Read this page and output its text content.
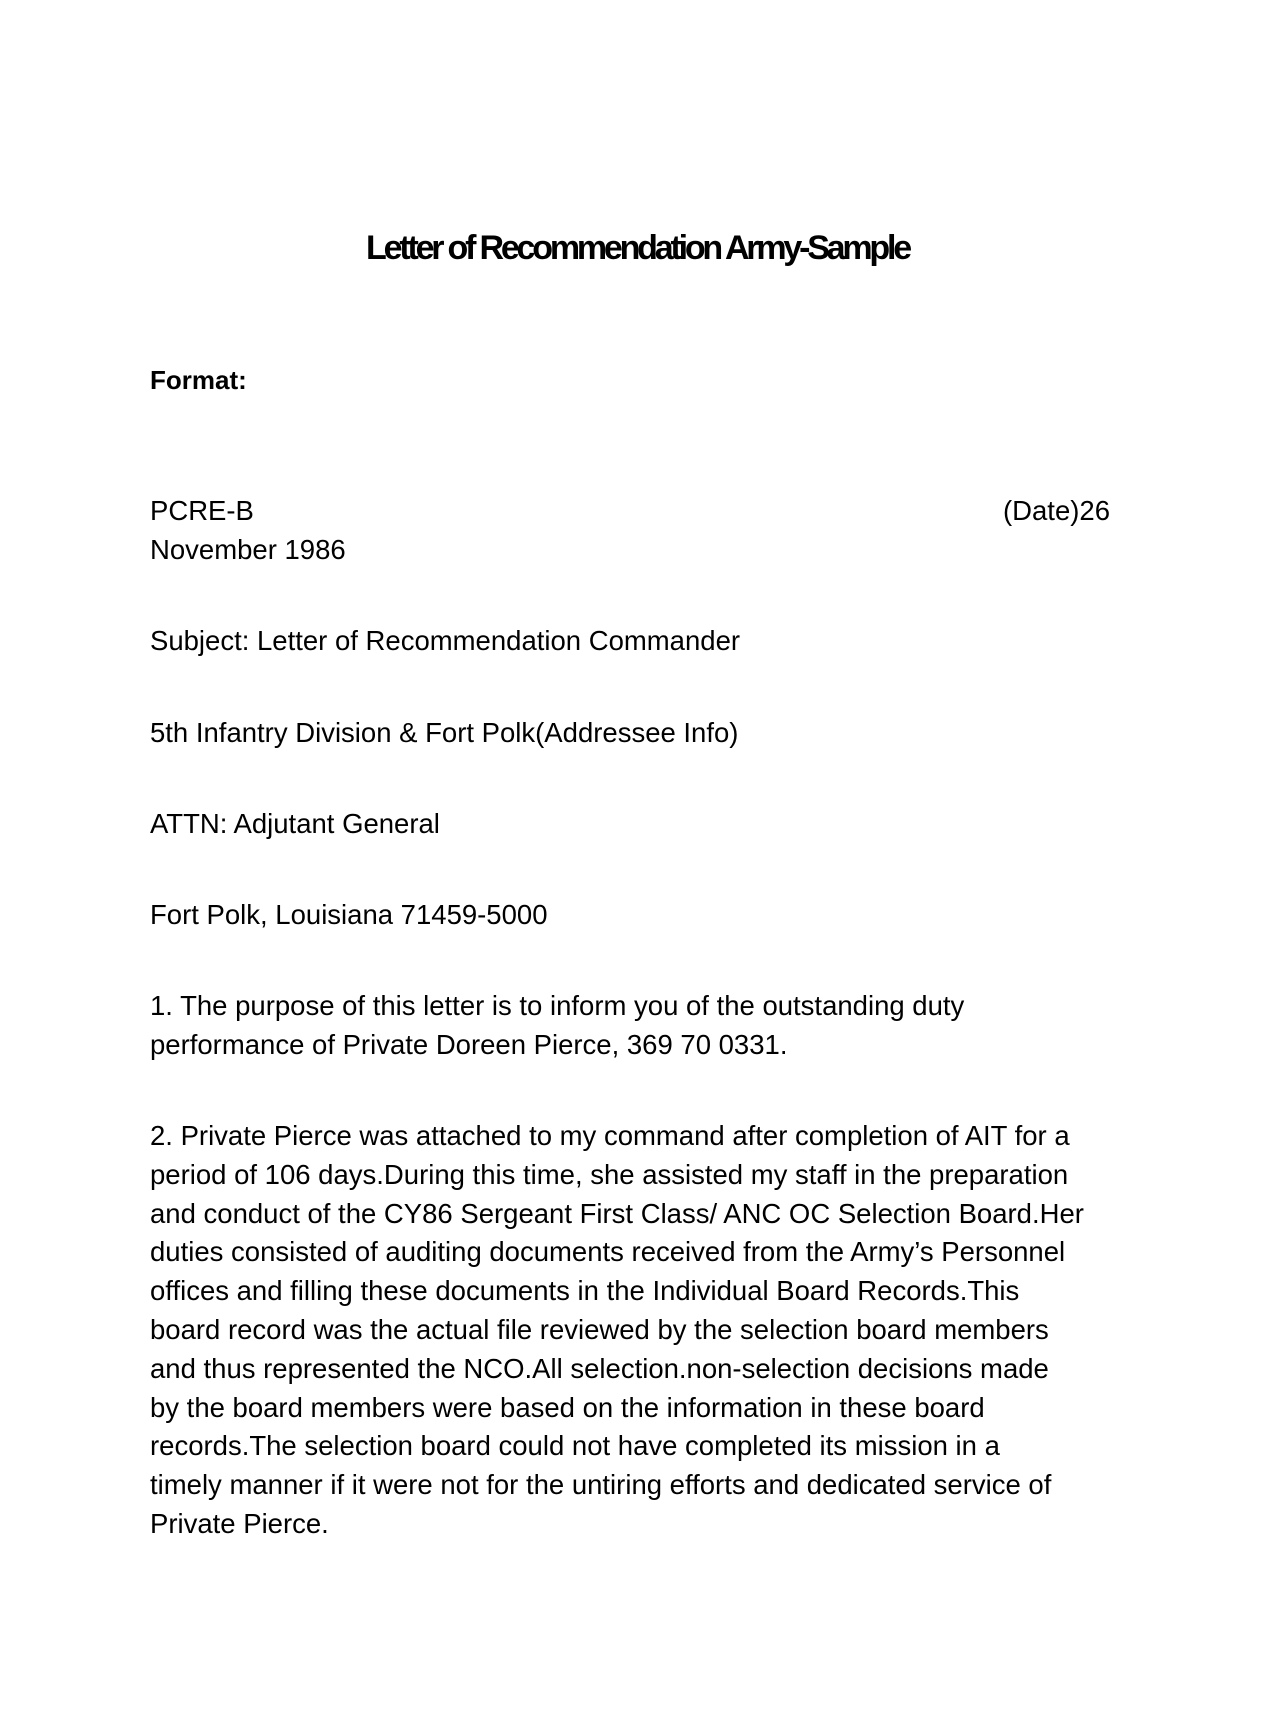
Letter of Recommendation Army-Sample
Format:
PCRE-B	(Date)26
November 1986
Subject: Letter of Recommendation Commander
5th Infantry Division & Fort Polk(Addressee Info)
ATTN: Adjutant General
Fort Polk, Louisiana 71459-5000
1. The purpose of this letter is to inform you of the outstanding duty
performance of Private Doreen Pierce, 369 70 0331.
2. Private Pierce was attached to my command after completion of AIT for a
period of 106 days.During this time, she assisted my staff in the preparation
and conduct of the CY86 Sergeant First Class/ ANC OC Selection Board.Her
duties consisted of auditing documents received from the Army’s Personnel
offices and filling these documents in the Individual Board Records.This
board record was the actual file reviewed by the selection board members
and thus represented the NCO.All selection.non-selection decisions made
by the board members were based on the information in these board
records.The selection board could not have completed its mission in a
timely manner if it were not for the untiring efforts and dedicated service of
Private Pierce.
